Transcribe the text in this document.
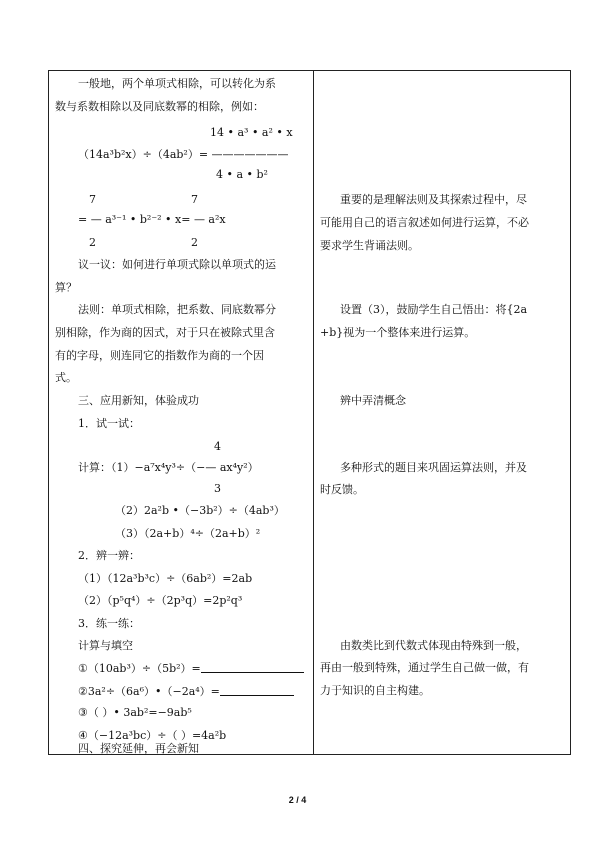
一般地，两个单项式相除，可以转化为系
数与系数相除以及同底数幂的相除，例如：
14 • a³ • a² • x
（14a³b²x）÷（4ab²）= ———————
4 • a • b²
7	7
= — a³⁻¹ • b²⁻² • x= — a²x
2	2
议一议：如何进行单项式除以单项式的运
算？
法则：单项式相除，把系数、同底数幂分
别相除，作为商的因式，对于只在被除式里含
有的字母，则连同它的指数作为商的一个因
式。
三、应用新知，体验成功
1．试一试：
4
计算：（1）−a⁷x⁴y³÷（−— ax⁴y²）
3
（2）2a²b •（−3b²）÷（4ab³）
（3）（2a+b）⁴÷（2a+b）²
2．辨一辨：
（1）（12a³b³c）÷（6ab²）=2ab
（2）（p⁵q⁴）÷（2p³q）=2p²q³
3．练一练：
计算与填空
①（10ab³）÷（5b²）=
②3a²÷（6a⁶）•（−2a⁴）=
③（ ）• 3ab²=−9ab⁵
④（−12a³bc）÷（ ）=4a²b
四、探究延伸，再会新知
重要的是理解法则及其探索过程中，尽
可能用自己的语言叙述如何进行运算，不必
要求学生背诵法则。
设置（3），鼓励学生自己悟出：将{2a
+b}视为一个整体来进行运算。
辨中弄清概念
多种形式的题目来巩固运算法则，并及
时反馈。
由数类比到代数式体现由特殊到一般，
再由一般到特殊，通过学生自己做一做，有
力于知识的自主构建。
2 / 4
